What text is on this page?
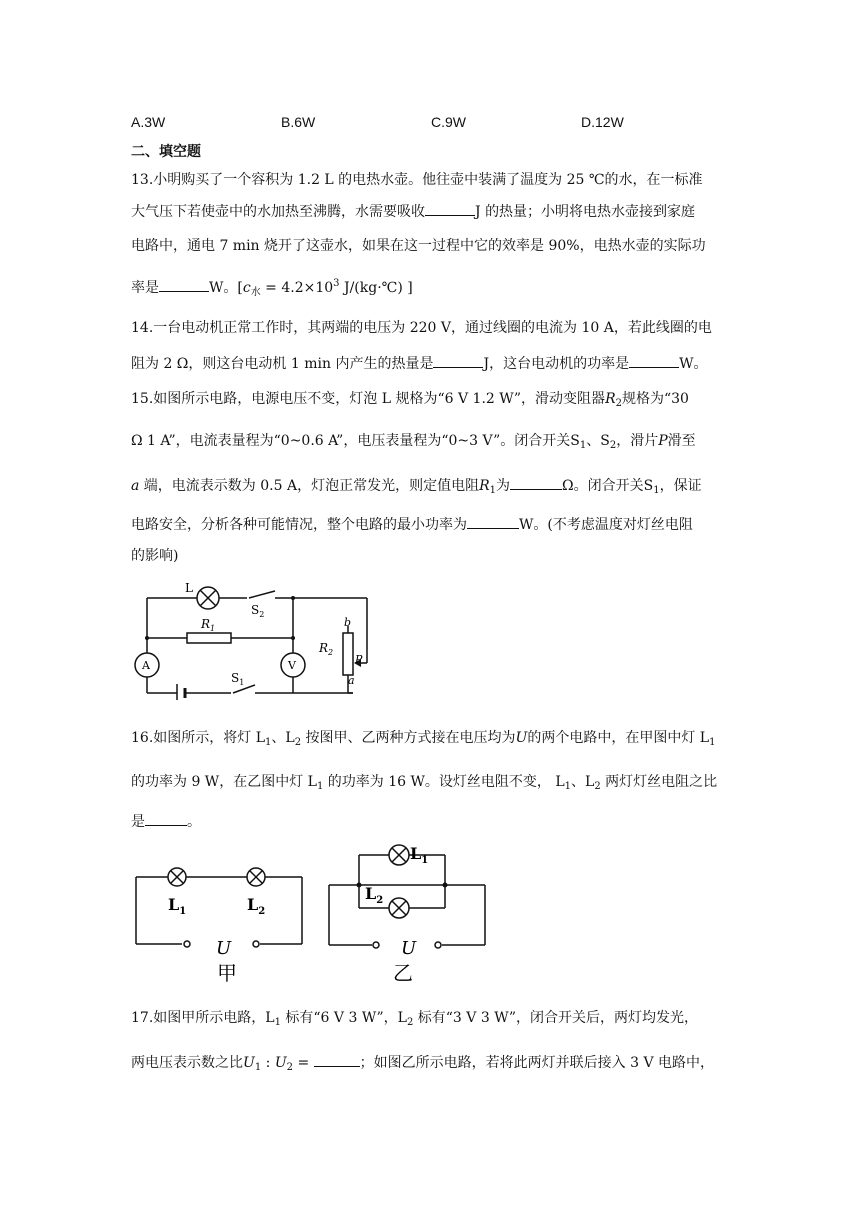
A.3W	B.6W	C.9W	D.12W
二、填空题
13.小明购买了一个容积为 1.2 L 的电热水壶。他往壶中装满了温度为 25 ℃的水，在一标准
大气压下若使壶中的水加热至沸腾，水需要吸收	J 的热量；小明将电热水壶接到家庭
电路中，通电 7 min 烧开了这壶水，如果在这一过程中它的效率是 90%，电热水壶的实际功
率是	W。[$c_水 = 4.2\times 10^3$ J/(kg·℃) ]
14.一台电动机正常工作时，其两端的电压为 220 V，通过线圈的电流为 10 A，若此线圈的电
阻为 2 Ω，则这台电动机 1 min 内产生的热量是	J，这台电动机的功率是	W。
15.如图所示电路，电源电压不变，灯泡 L 规格为“6 V 1.2 W”，滑动变阻器$R_2$规格为“30
Ω 1 A”，电流表量程为“0~0.6 A”，电压表量程为“0~3 V”。闭合开关$S_1$、$S_2$，滑片P滑至
a 端，电流表示数为 0.5 A，灯泡正常发光，则定值电阻$R_1$为	Ω。闭合开关$S_1$，保证
电路安全，分析各种可能情况，整个电路的最小功率为	W。(不考虑温度对灯丝电阻
的影响)
L
$S_2$
$R_1$
A	V
$S_1$
$R_2$
b
P
a
16.如图所示，将灯 $L_1$、$L_2$ 按图甲、乙两种方式接在电压均为U的两个电路中，在甲图中灯 $L_1$
的功率为 9 W，在乙图中灯 $L_1$ 的功率为 16 W。设灯丝电阻不变， $L_1$、$L_2$ 两灯灯丝电阻之比
是	。
$L_1$	$L_2$
U
甲
$L_1$
$L_2$
U
乙
17.如图甲所示电路，$L_1$ 标有“6 V 3 W”，$L_2$ 标有“3 V 3 W”，闭合开关后，两灯均发光，
两电压表示数之比$U_1$ : $U_2$ =	；如图乙所示电路，若将此两灯并联后接入 3 V 电路中，
